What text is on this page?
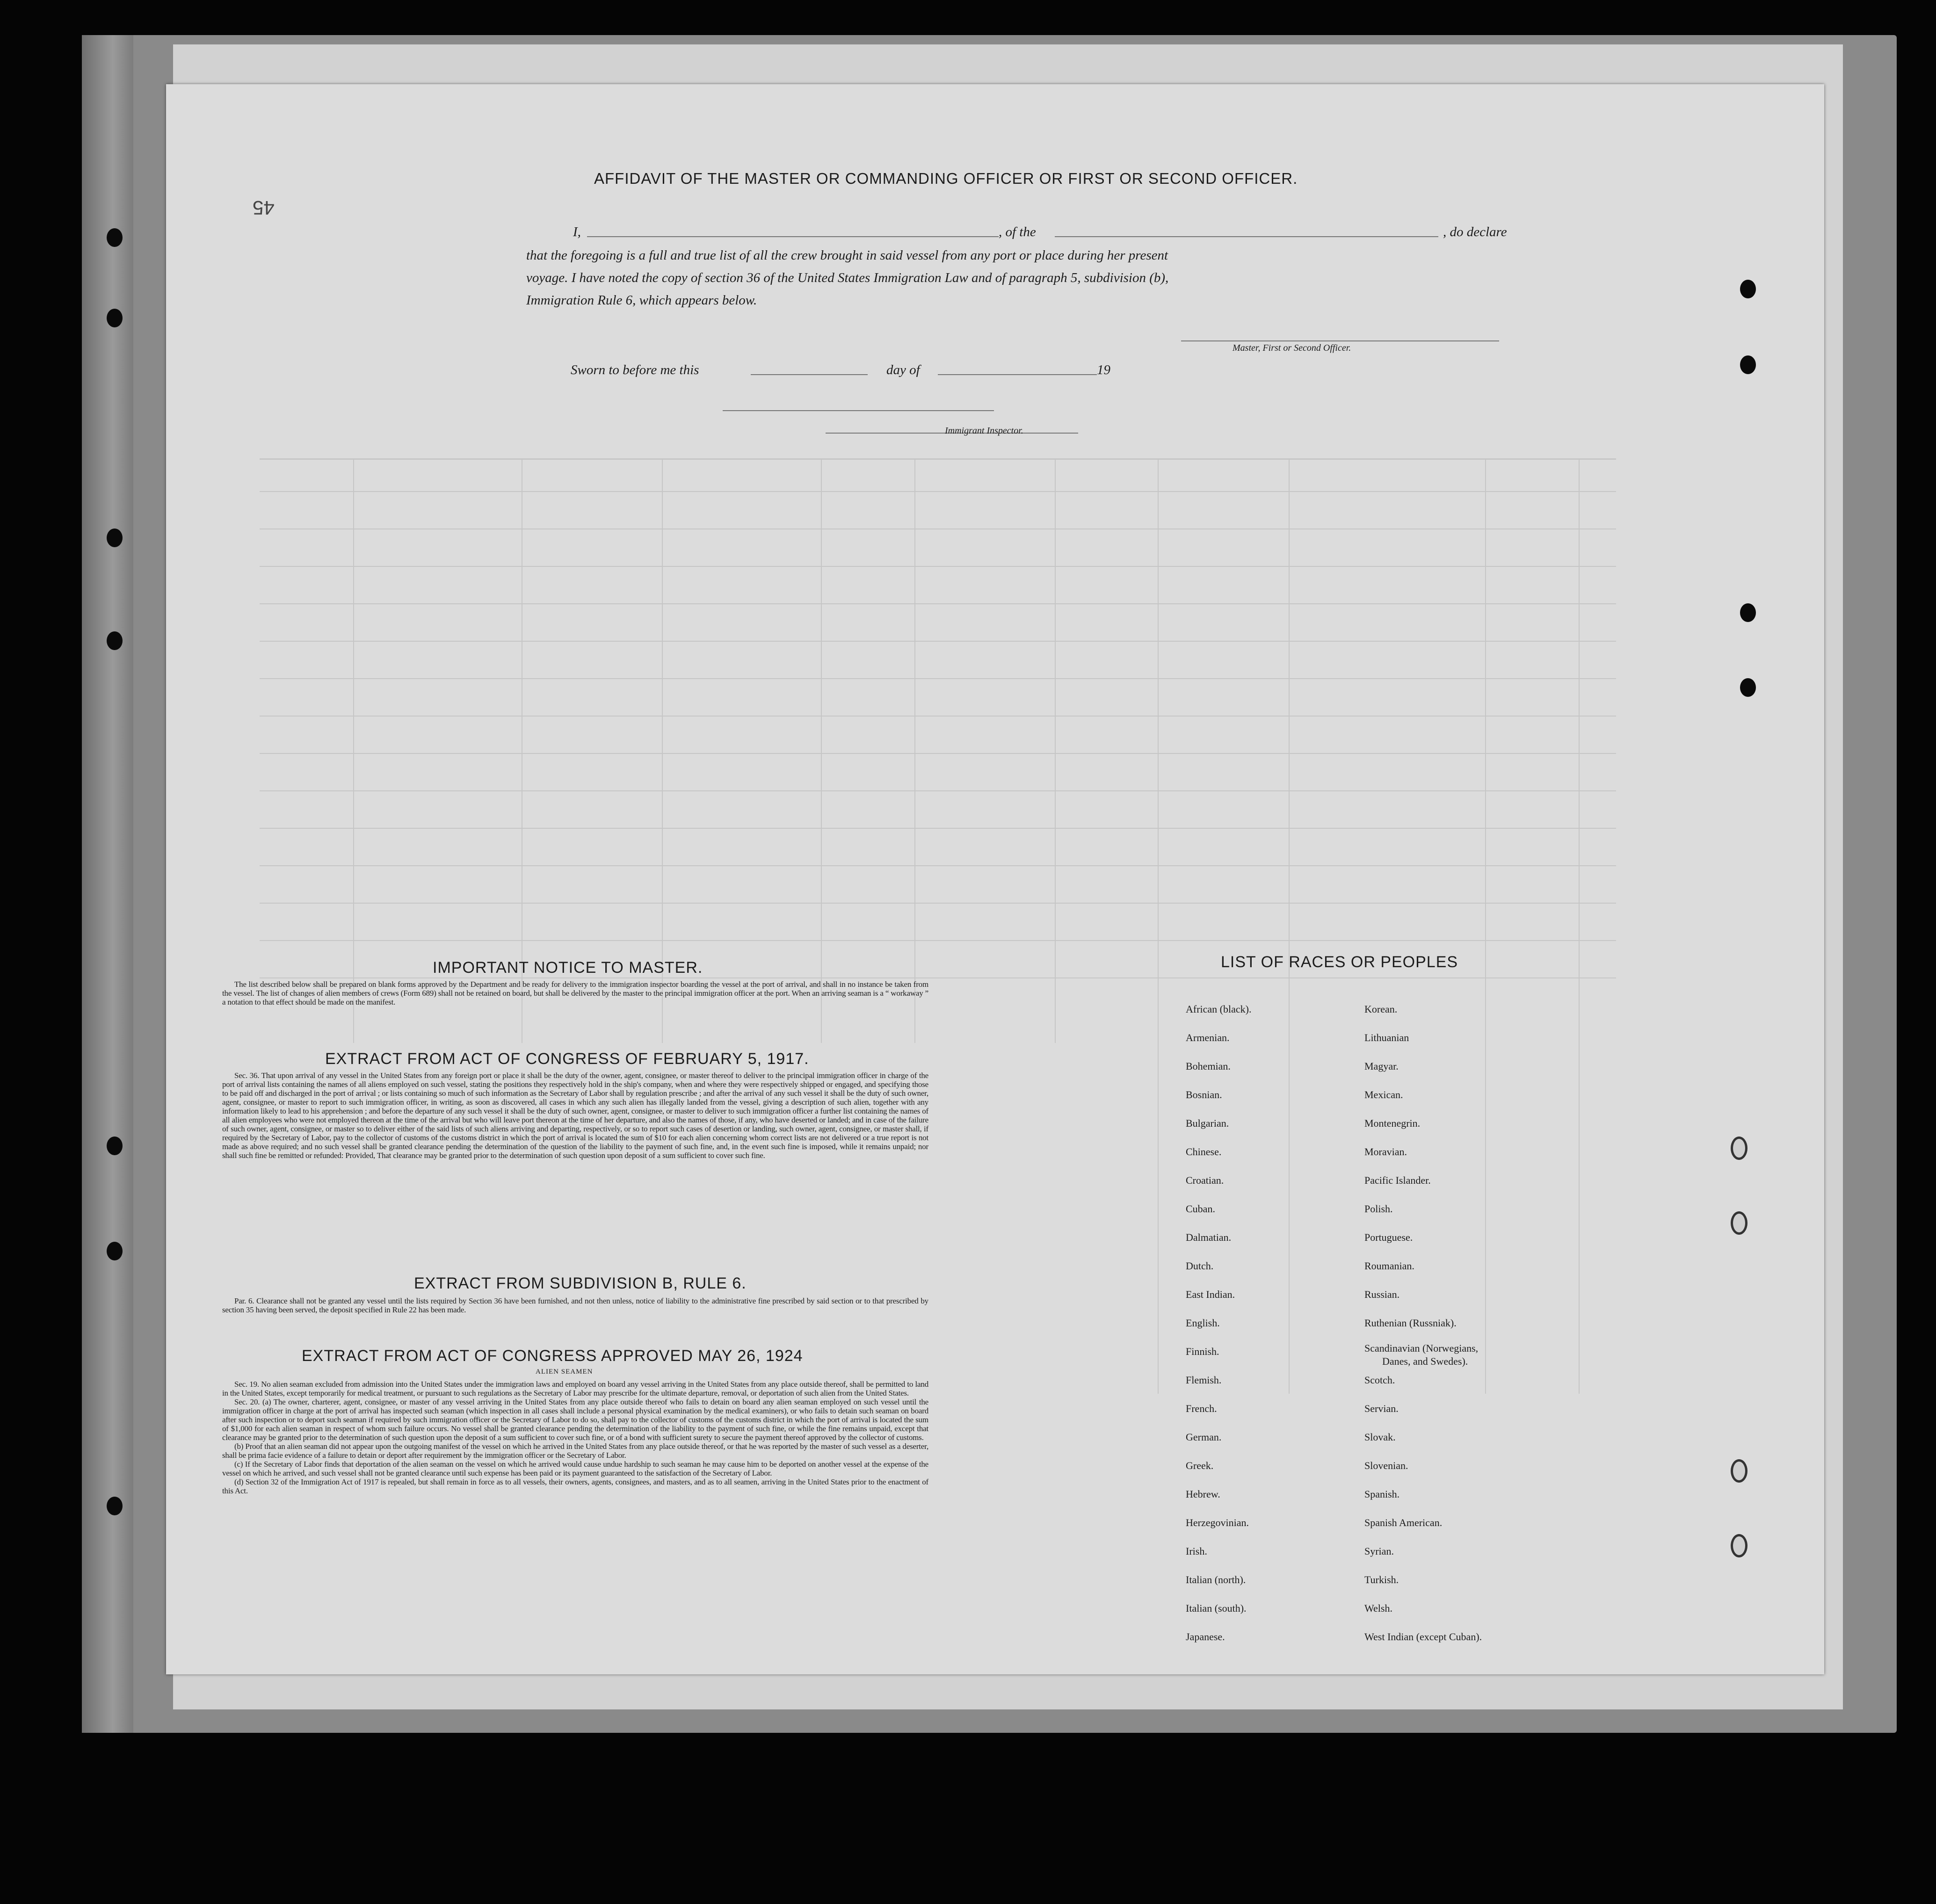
45
AFFIDAVIT OF THE MASTER OR COMMANDING OFFICER OR FIRST OR SECOND OFFICER.
I,	, of the	, do declare
that the foregoing is a full and true list of all the crew brought in said vessel from any port or place during her present
voyage. I have noted the copy of section 36 of the United States Immigration Law and of paragraph 5, subdivision (b),
Immigration Rule 6, which appears below.
Master, First or Second Officer.
Sworn to before me this	day of	19
Immigrant Inspector.
IMPORTANT NOTICE TO MASTER.

The list described below shall be prepared on blank forms approved by the Department and be ready for delivery to the immigration inspector boarding the vessel at the port of arrival, and shall in no instance be taken from the vessel. The list of changes of alien members of crews (Form 689) shall not be retained on board, but shall be delivered by the master to the principal immigration officer at the port. When an arriving seaman is a “ workaway ” a notation to that effect should be made on the manifest.

EXTRACT FROM ACT OF CONGRESS OF FEBRUARY 5, 1917.

Sec. 36. That upon arrival of any vessel in the United States from any foreign port or place it shall be the duty of the owner, agent, consignee, or master thereof to deliver to the principal immigration officer in charge of the port of arrival lists containing the names of all aliens employed on such vessel, stating the positions they respectively hold in the ship's company, when and where they were respectively shipped or engaged, and specifying those to be paid off and discharged in the port of arrival ; or lists containing so much of such information as the Secretary of Labor shall by regulation prescribe ; and after the arrival of any such vessel it shall be the duty of such owner, agent, consignee, or master to report to such immigration officer, in writing, as soon as discovered, all cases in which any such alien has illegally landed from the vessel, giving a description of such alien, together with any information likely to lead to his apprehension ; and before the departure of any such vessel it shall be the duty of such owner, agent, consignee, or master to deliver to such immigration officer a further list containing the names of all alien employees who were not employed thereon at the time of the arrival but who will leave port thereon at the time of her departure, and also the names of those, if any, who have deserted or landed; and in case of the failure of such owner, agent, consignee, or master so to deliver either of the said lists of such aliens arriving and departing, respectively, or so to report such cases of desertion or landing, such owner, agent, consignee, or master shall, if required by the Secretary of Labor, pay to the collector of customs of the customs district in which the port of arrival is located the sum of $10 for each alien concerning whom correct lists are not delivered or a true report is not made as above required; and no such vessel shall be granted clearance pending the determination of the question of the liability to the payment of such fine, and, in the event such fine is imposed, while it remains unpaid; nor shall such fine be remitted or refunded: Provided, That clearance may be granted prior to the determination of such question upon deposit of a sum sufficient to cover such fine.

EXTRACT FROM SUBDIVISION B, RULE 6.

Par. 6. Clearance shall not be granted any vessel until the lists required by Section 36 have been furnished, and not then unless, notice of liability to the administrative fine prescribed by said section or to that prescribed by section 35 having been served, the deposit specified in Rule 22 has been made.

EXTRACT FROM ACT OF CONGRESS APPROVED MAY 26, 1924
ALIEN SEAMEN

Sec. 19. No alien seaman excluded from admission into the United States under the immigration laws and employed on board any vessel arriving in the United States from any place outside thereof, shall be permitted to land in the United States, except temporarily for medical treatment, or pursuant to such regulations as the Secretary of Labor may prescribe for the ultimate departure, removal, or deportation of such alien from the United States.

Sec. 20. (a) The owner, charterer, agent, consignee, or master of any vessel arriving in the United States from any place outside thereof who fails to detain on board any alien seaman employed on such vessel until the immigration officer in charge at the port of arrival has inspected such seaman (which inspection in all cases shall include a personal physical examination by the medical examiners), or who fails to detain such seaman on board after such inspection or to deport such seaman if required by such immigration officer or the Secretary of Labor to do so, shall pay to the collector of customs of the customs district in which the port of arrival is located the sum of $1,000 for each alien seaman in respect of whom such failure occurs. No vessel shall be granted clearance pending the determination of the liability to the payment of such fine, or while the fine remains unpaid, except that clearance may be granted prior to the determination of such question upon the deposit of a sum sufficient to cover such fine, or of a bond with sufficient surety to secure the payment thereof approved by the collector of customs.

(b) Proof that an alien seaman did not appear upon the outgoing manifest of the vessel on which he arrived in the United States from any place outside thereof, or that he was reported by the master of such vessel as a deserter, shall be prima facie evidence of a failure to detain or deport after requirement by the immigration officer or the Secretary of Labor.

(c) If the Secretary of Labor finds that deportation of the alien seaman on the vessel on which he arrived would cause undue hardship to such seaman he may cause him to be deported on another vessel at the expense of the vessel on which he arrived, and such vessel shall not be granted clearance until such expense has been paid or its payment guaranteed to the satisfaction of the Secretary of Labor.

(d) Section 32 of the Immigration Act of 1917 is repealed, but shall remain in force as to all vessels, their owners, agents, consignees, and masters, and as to all seamen, arriving in the United States prior to the enactment of this Act.

LIST OF RACES OR PEOPLES
African (black).
Armenian.
Bohemian.
Bosnian.
Bulgarian.
Chinese.
Croatian.
Cuban.
Dalmatian.
Dutch.
East Indian.
English.
Finnish.
Flemish.
French.
German.
Greek.
Hebrew.
Herzegovinian.
Irish.
Italian (north).
Italian (south).
Japanese.
Korean.
Lithuanian
Magyar.
Mexican.
Montenegrin.
Moravian.
Pacific Islander.
Polish.
Portuguese.
Roumanian.
Russian.
Ruthenian (Russniak).
Scandinavian (Norwegians,
Danes, and Swedes).
Scotch.
Servian.
Slovak.
Slovenian.
Spanish.
Spanish American.
Syrian.
Turkish.
Welsh.
West Indian (except Cuban).
